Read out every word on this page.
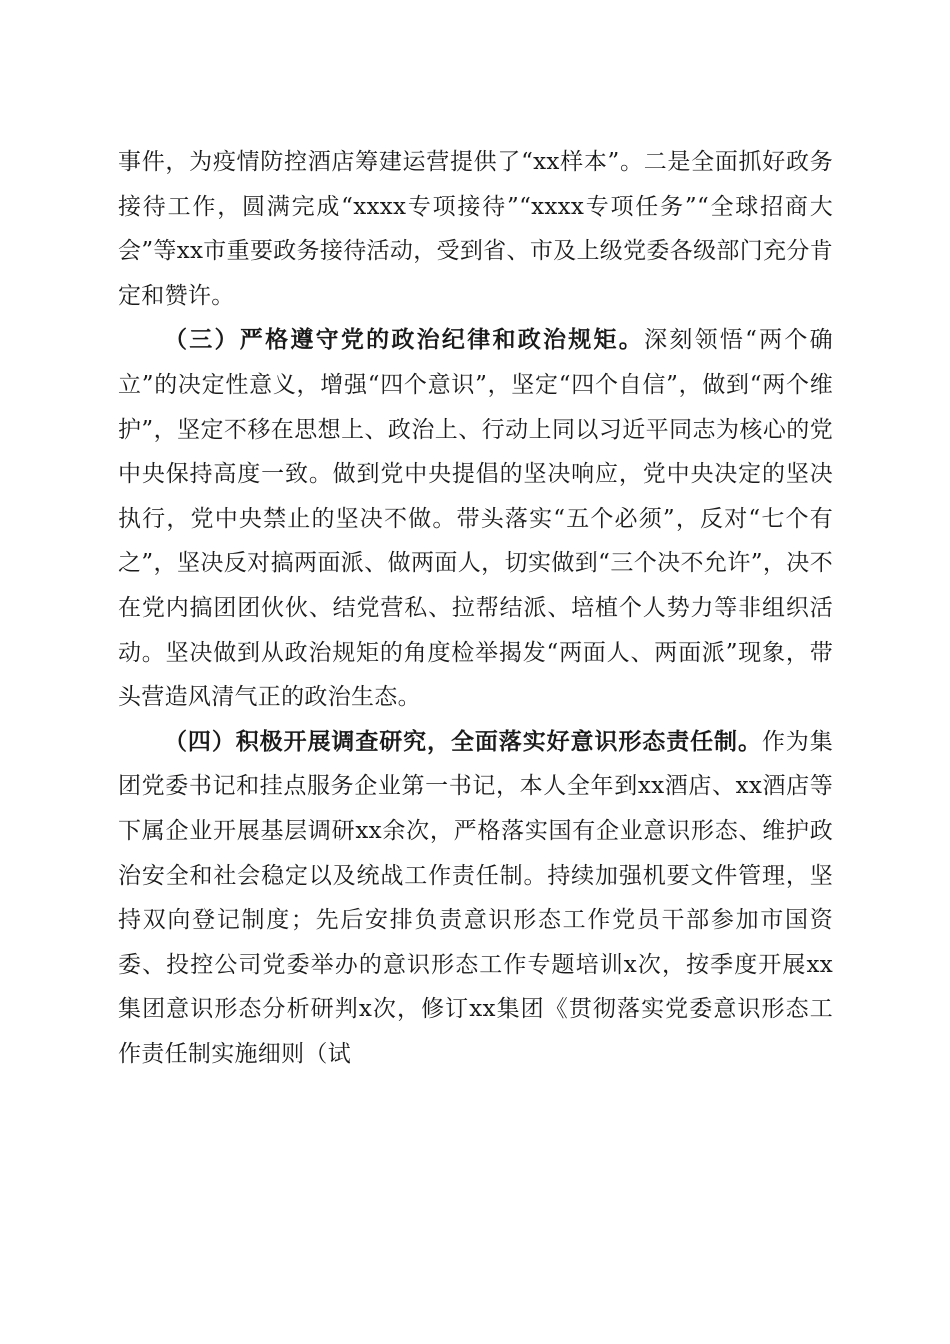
事件，为疫情防控酒店筹建运营提供了“xx样本”。二是全面抓好政务接待工作，圆满完成“xxxx专项接待”“xxxx专项任务”“全球招商大会”等xx市重要政务接待活动，受到省、市及上级党委各级部门充分肯定和赞许。

（三）严格遵守党的政治纪律和政治规矩。深刻领悟“两个确立”的决定性意义，增强“四个意识”，坚定“四个自信”，做到“两个维护”，坚定不移在思想上、政治上、行动上同以习近平同志为核心的党中央保持高度一致。做到党中央提倡的坚决响应，党中央决定的坚决执行，党中央禁止的坚决不做。带头落实“五个必须”，反对“七个有之”，坚决反对搞两面派、做两面人，切实做到“三个决不允许”，决不在党内搞团团伙伙、结党营私、拉帮结派、培植个人势力等非组织活动。坚决做到从政治规矩的角度检举揭发“两面人、两面派”现象，带头营造风清气正的政治生态。

（四）积极开展调查研究，全面落实好意识形态责任制。作为集团党委书记和挂点服务企业第一书记，本人全年到xx酒店、xx酒店等下属企业开展基层调研xx余次，严格落实国有企业意识形态、维护政治安全和社会稳定以及统战工作责任制。持续加强机要文件管理，坚持双向登记制度；先后安排负责意识形态工作党员干部参加市国资委、投控公司党委举办的意识形态工作专题培训x次，按季度开展xx集团意识形态分析研判x次，修订xx集团《贯彻落实党委意识形态工作责任制实施细则（试
